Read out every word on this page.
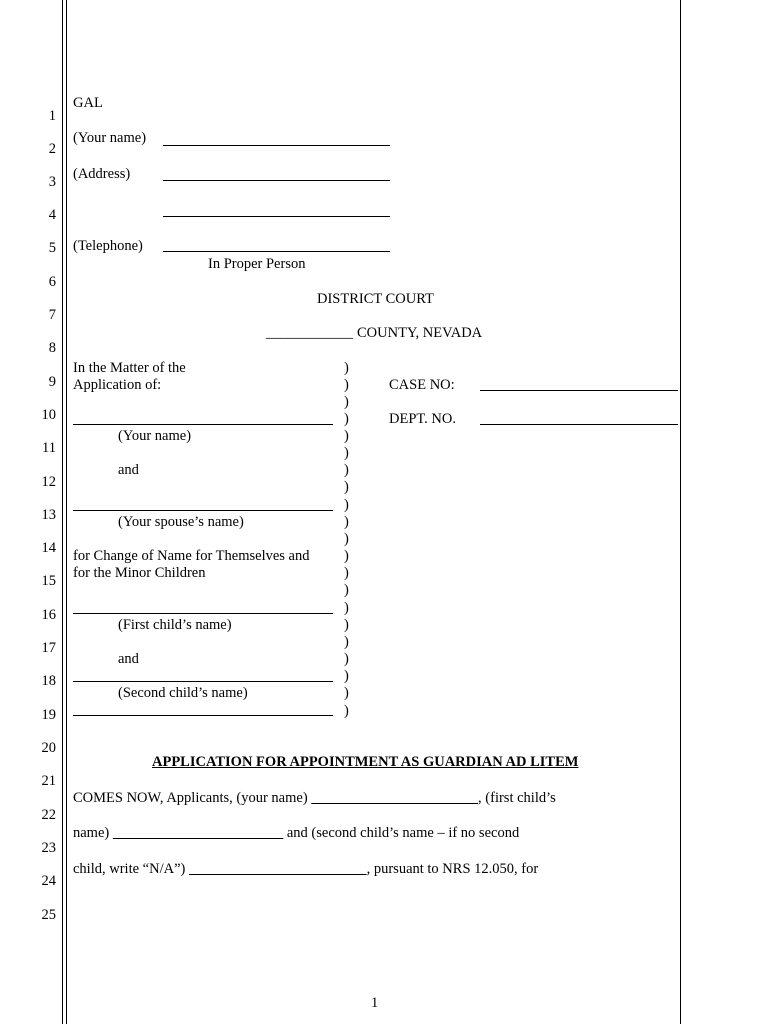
1
2
3
4
5
6
7
8
9
10
11
12
13
14
15
16
17
18
19
20
21
22
23
24
25
GAL
(Your name)
(Address)
(Telephone)
In Proper Person
DISTRICT COURT
____________ COUNTY, NEVADA
In the Matter of the
Application of:
(Your name)
and
(Your spouse’s name)
for Change of Name for Themselves and
for the Minor Children
(First child’s name)
and
(Second child’s name)
)
)
)
)
)
)
)
)
)
)
)
)
)
)
)
)
)
)
)
)
)
CASE NO:
DEPT. NO.
APPLICATION FOR APPOINTMENT AS GUARDIAN AD LITEM
COMES NOW, Applicants, (your name)	, (first child’s
name)	and (second child’s name – if no second
child, write “N/A”)	, pursuant to NRS 12.050, for
1
